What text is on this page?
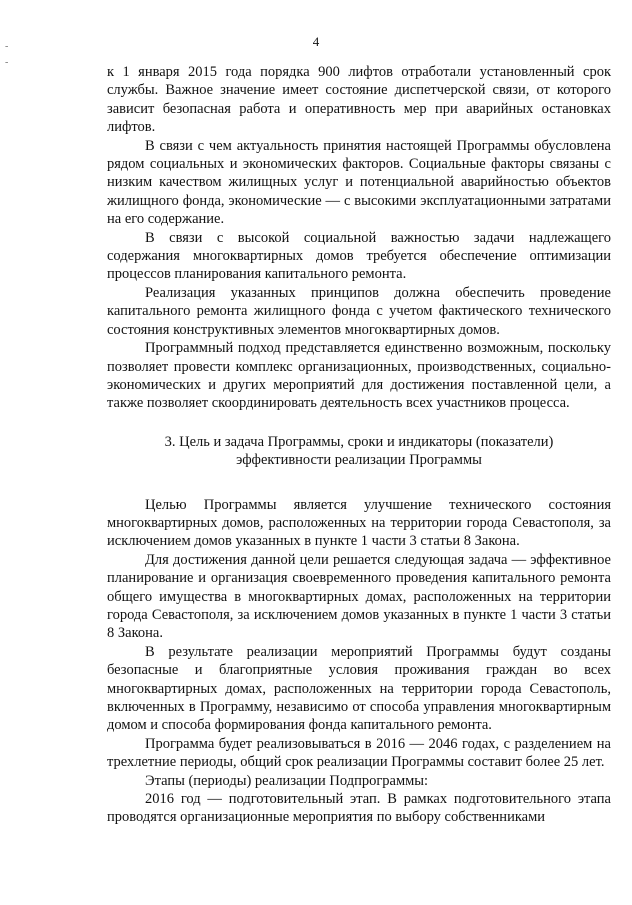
4
-
-

к 1 января 2015 года порядка 900 лифтов отработали установленный срок службы. Важное значение имеет состояние диспетчерской связи, от которого зависит безопасная работа и оперативность мер при аварийных остановках лифтов.

В связи с чем актуальность принятия настоящей Программы обусловлена рядом социальных и экономических факторов. Социальные факторы связаны с низким качеством жилищных услуг и потенциальной аварийностью объектов жилищного фонда, экономические — с высокими эксплуатационными затратами на его содержание.

В связи с высокой социальной важностью задачи надлежащего содержания многоквартирных домов требуется обеспечение оптимизации процессов планирования капитального ремонта.

Реализация указанных принципов должна обеспечить проведение капитального ремонта жилищного фонда с учетом фактического технического состояния конструктивных элементов многоквартирных домов.

Программный подход представляется единственно возможным, поскольку позволяет провести комплекс организационных, производственных, социально-экономических и других мероприятий для достижения поставленной цели, а также позволяет скоординировать деятельность всех участников процесса.

3. Цель и задача Программы, сроки и индикаторы (показатели)
эффективности реализации Программы

Целью Программы является улучшение технического состояния многоквартирных домов, расположенных на территории города Севастополя, за исключением домов указанных в пункте 1 части 3 статьи 8 Закона.

Для достижения данной цели решается следующая задача — эффективное планирование и организация своевременного проведения капитального ремонта общего имущества в многоквартирных домах, расположенных на территории города Севастополя, за исключением домов указанных в пункте 1 части 3 статьи 8 Закона.

В результате реализации мероприятий Программы будут созданы безопасные и благоприятные условия проживания граждан во всех многоквартирных домах, расположенных на территории города Севастополь, включенных в Программу, независимо от способа управления многоквартирным домом и способа формирования фонда капитального ремонта.

Программа будет реализовываться в 2016 — 2046 годах, с разделением на трехлетние периоды, общий срок реализации Программы составит более 25 лет.

Этапы (периоды) реализации Подпрограммы:

2016 год — подготовительный этап. В рамках подготовительного этапа проводятся организационные мероприятия по выбору собственниками
